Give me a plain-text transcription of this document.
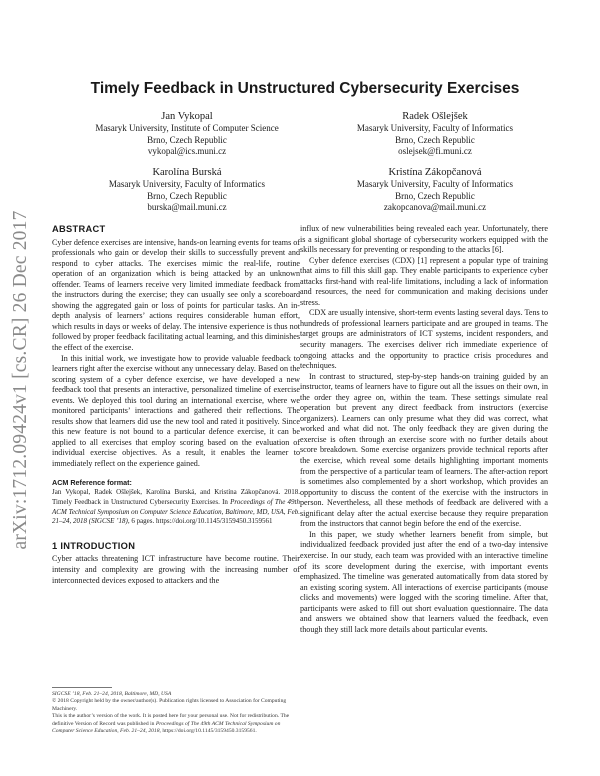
arXiv:1712.09424v1 [cs.CR] 26 Dec 2017
Timely Feedback in Unstructured Cybersecurity Exercises
Jan Vykopal
Masaryk University, Institute of Computer Science
Brno, Czech Republic
vykopal@ics.muni.cz
Radek Ošlejšek
Masaryk University, Faculty of Informatics
Brno, Czech Republic
oslejsek@fi.muni.cz
Karolína Burská
Masaryk University, Faculty of Informatics
Brno, Czech Republic
burska@mail.muni.cz
Kristína Zákopčanová
Masaryk University, Faculty of Informatics
Brno, Czech Republic
zakopcanova@mail.muni.cz
ABSTRACT

Cyber defence exercises are intensive, hands-on learning events for teams of professionals who gain or develop their skills to successfully prevent and respond to cyber attacks. The exercises mimic the real-life, routine operation of an organization which is being attacked by an unknown offender. Teams of learners receive very limited immediate feedback from the instructors during the exercise; they can usually see only a scoreboard showing the aggregated gain or loss of points for particular tasks. An in-depth analysis of learners’ actions requires considerable human effort, which results in days or weeks of delay. The intensive experience is thus not followed by proper feedback facilitating actual learning, and this diminishes the effect of the exercise.

In this initial work, we investigate how to provide valuable feedback to learners right after the exercise without any unnecessary delay. Based on the scoring system of a cyber defence exercise, we have developed a new feedback tool that presents an interactive, personalized timeline of exercise events. We deployed this tool during an international exercise, where we monitored participants’ interactions and gathered their reflections. The results show that learners did use the new tool and rated it positively. Since this new feature is not bound to a particular defence exercise, it can be applied to all exercises that employ scoring based on the evaluation of individual exercise objectives. As a result, it enables the learner to immediately reflect on the experience gained.

ACM Reference format:

Jan Vykopal, Radek Ošlejšek, Karolína Burská, and Kristína Zákopčanová. 2018. Timely Feedback in Unstructured Cybersecurity Exercises. In Proceedings of The 49th ACM Technical Symposium on Computer Science Education, Baltimore, MD, USA, Feb. 21–24, 2018 (SIGCSE ’18), 6 pages. https://doi.org/10.1145/3159450.3159561

1 INTRODUCTION

Cyber attacks threatening ICT infrastructure have become routine. Their intensity and complexity are growing with the increasing number of interconnected devices exposed to attackers and the

SIGCSE ’18, Feb. 21–24, 2018, Baltimore, MD, USA

© 2018 Copyright held by the owner/author(s). Publication rights licensed to Association for Computing Machinery.

This is the author’s version of the work. It is posted here for your personal use. Not for redistribution. The definitive Version of Record was published in Proceedings of The 49th ACM Technical Symposium on Computer Science Education, Feb. 21–24, 2018, https://doi.org/10.1145/3159450.3159561.

influx of new vulnerabilities being revealed each year. Unfortunately, there is a significant global shortage of cybersecurity workers equipped with the skills necessary for preventing or responding to the attacks [6].

Cyber defence exercises (CDX) [1] represent a popular type of training that aims to fill this skill gap. They enable participants to experience cyber attacks first-hand with real-life limitations, including a lack of information and resources, the need for communication and making decisions under stress.

CDX are usually intensive, short-term events lasting several days. Tens to hundreds of professional learners participate and are grouped in teams. The target groups are administrators of ICT systems, incident responders, and security managers. The exercises deliver rich immediate experience of ongoing attacks and the opportunity to practice crisis procedures and techniques.

In contrast to structured, step-by-step hands-on training guided by an instructor, teams of learners have to figure out all the issues on their own, in the order they agree on, within the team. These settings simulate real operation but prevent any direct feedback from instructors (exercise organizers). Learners can only presume what they did was correct, what worked and what did not. The only feedback they are given during the exercise is often through an exercise score with no further details about score breakdown. Some exercise organizers provide technical reports after the exercise, which reveal some details highlighting important moments from the perspective of a particular team of learners. The after-action report is sometimes also complemented by a short workshop, which provides an opportunity to discuss the content of the exercise with the instructors in person. Nevertheless, all these methods of feedback are delivered with a significant delay after the actual exercise because they require preparation from the instructors that cannot begin before the end of the exercise.

In this paper, we study whether learners benefit from simple, but individualized feedback provided just after the end of a two-day intensive exercise. In our study, each team was provided with an interactive timeline of its score development during the exercise, with important events emphasized. The timeline was generated automatically from data stored by an existing scoring system. All interactions of exercise participants (mouse clicks and movements) were logged with the scoring timeline. After that, participants were asked to fill out short evaluation questionnaire. The data and answers we obtained show that learners valued the feedback, even though they still lack more details about particular events.
